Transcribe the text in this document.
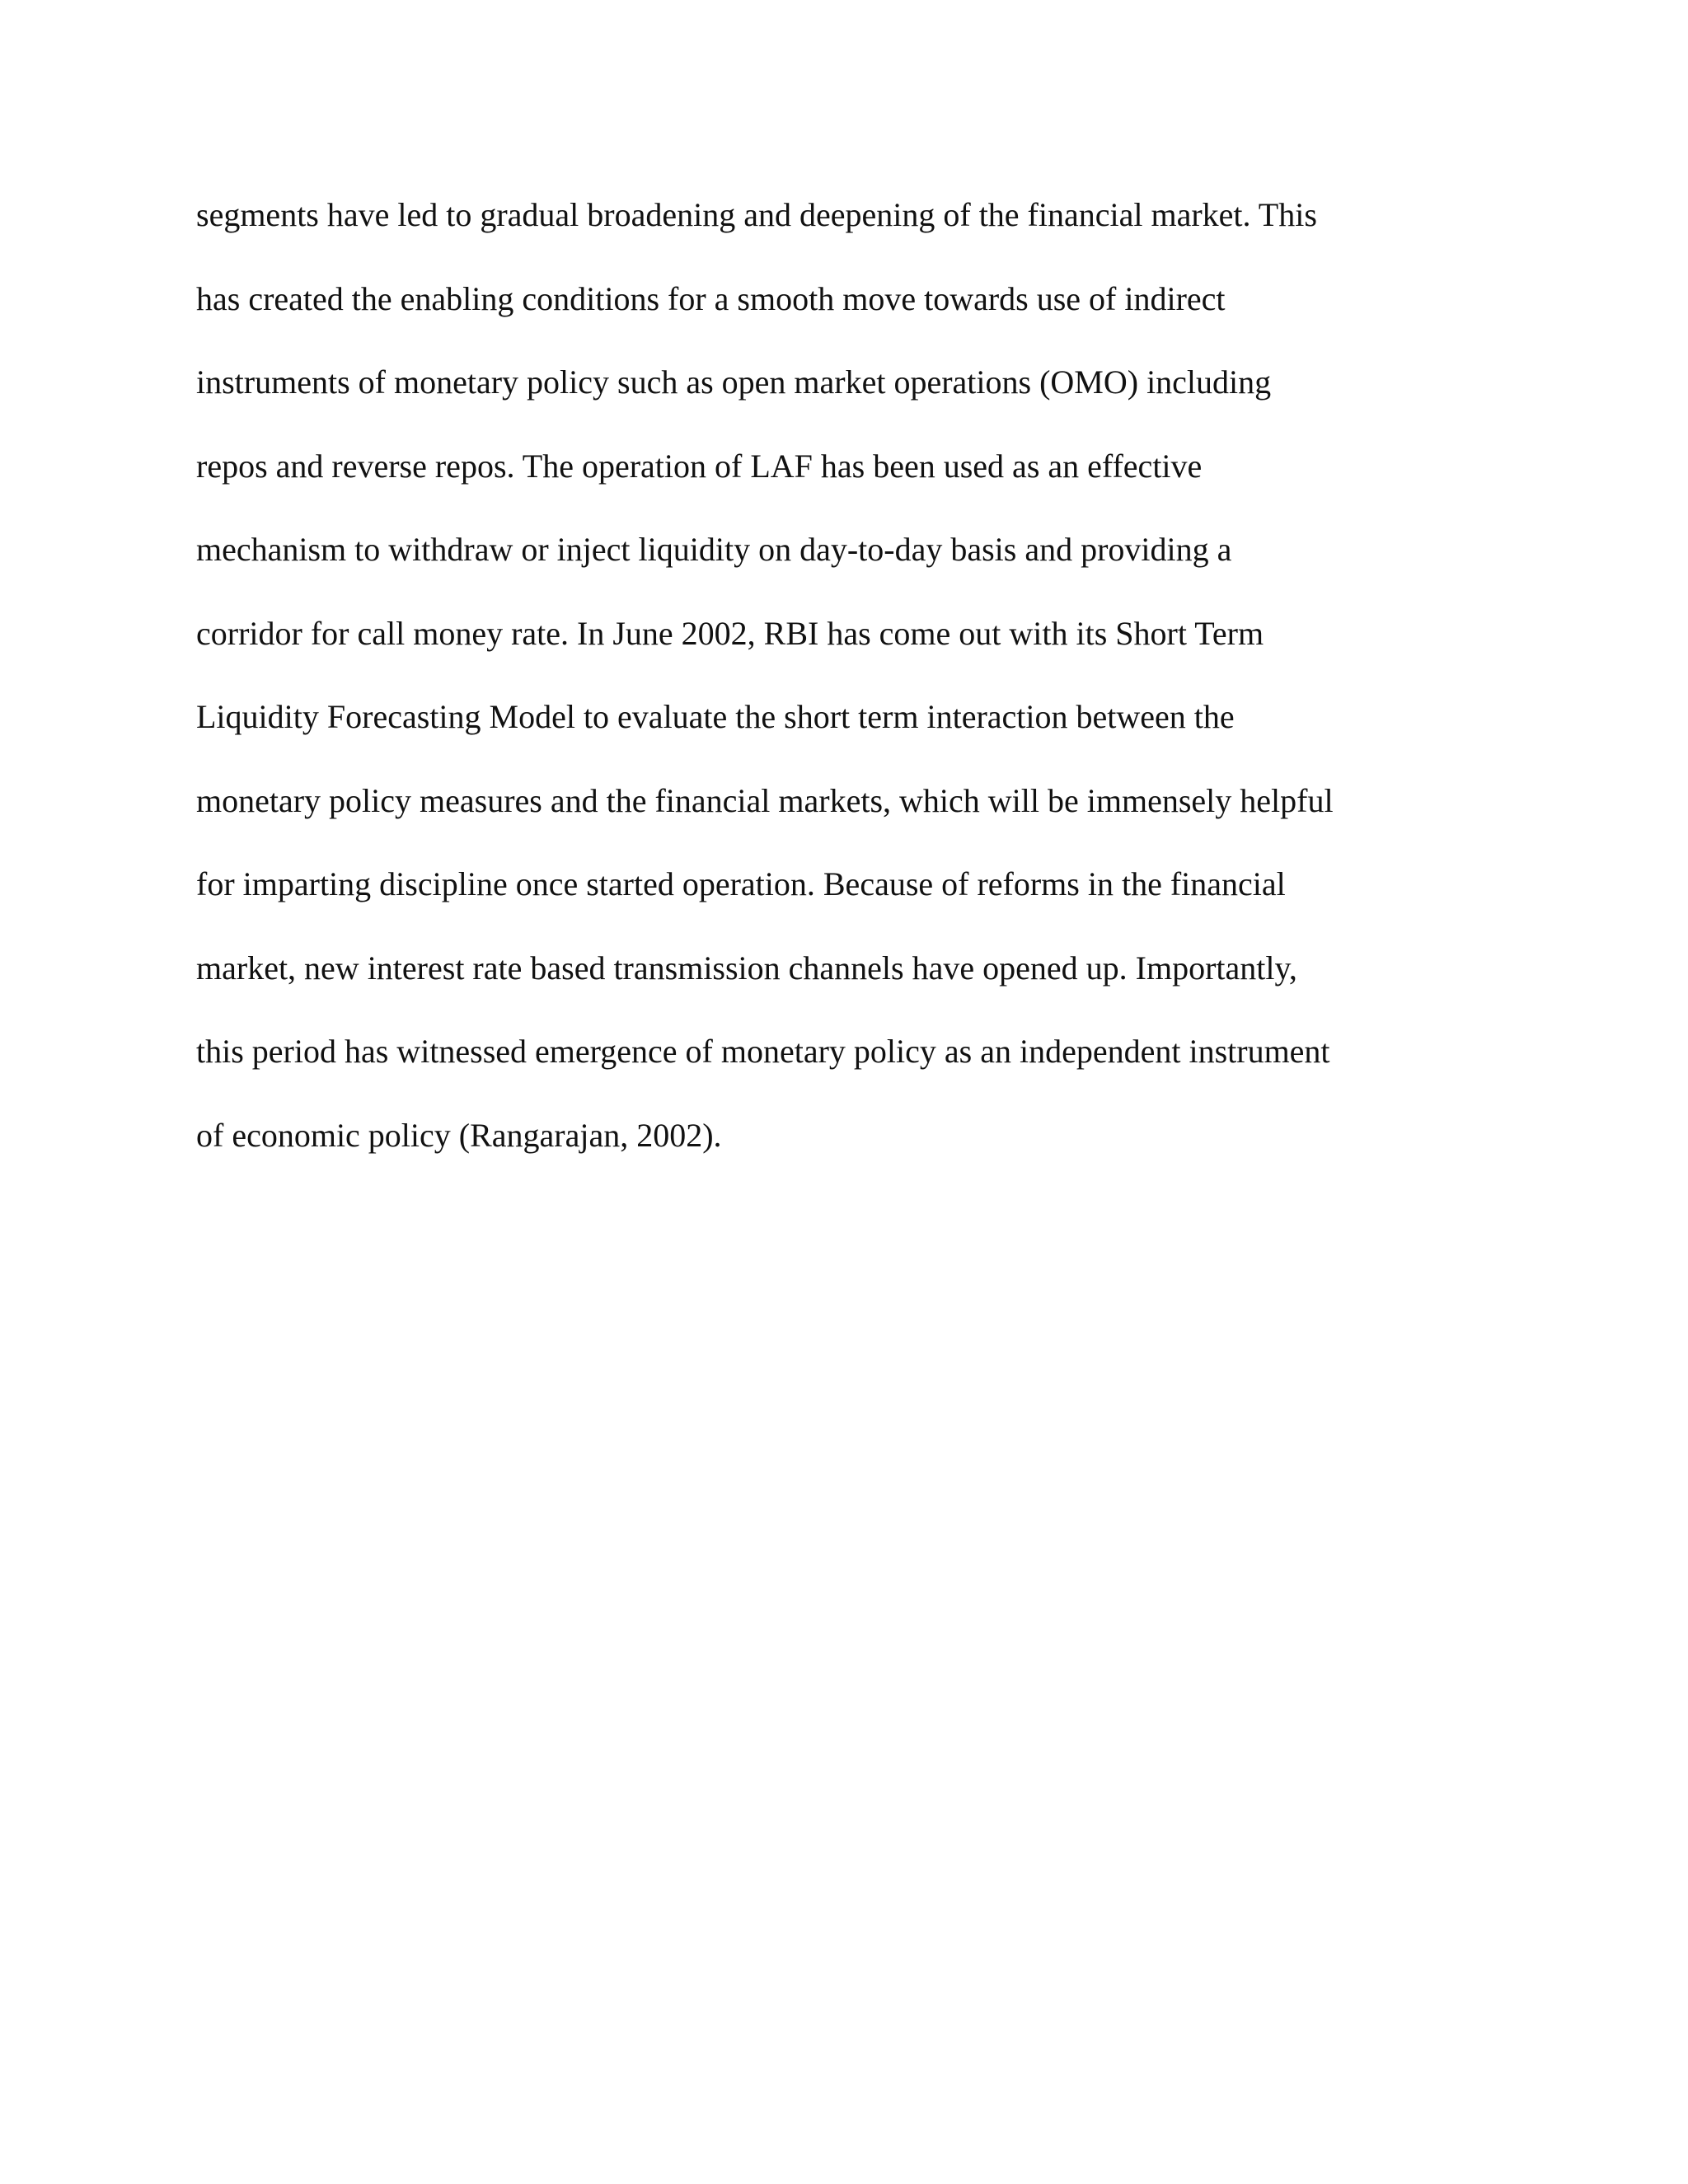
segments have led to gradual broadening and deepening of the financial market. This
has created the enabling conditions for a smooth move towards use of indirect
instruments of monetary policy such as open market operations (OMO) including
repos and reverse repos. The operation of LAF has been used as an effective
mechanism to withdraw or inject liquidity on day-to-day basis and providing a
corridor for call money rate. In June 2002, RBI has come out with its Short Term
Liquidity Forecasting Model to evaluate the short term interaction between the
monetary policy measures and the financial markets, which will be immensely helpful
for imparting discipline once started operation. Because of reforms in the financial
market, new interest rate based transmission channels have opened up. Importantly,
this period has witnessed emergence of monetary policy as an independent instrument
of economic policy (Rangarajan, 2002).
